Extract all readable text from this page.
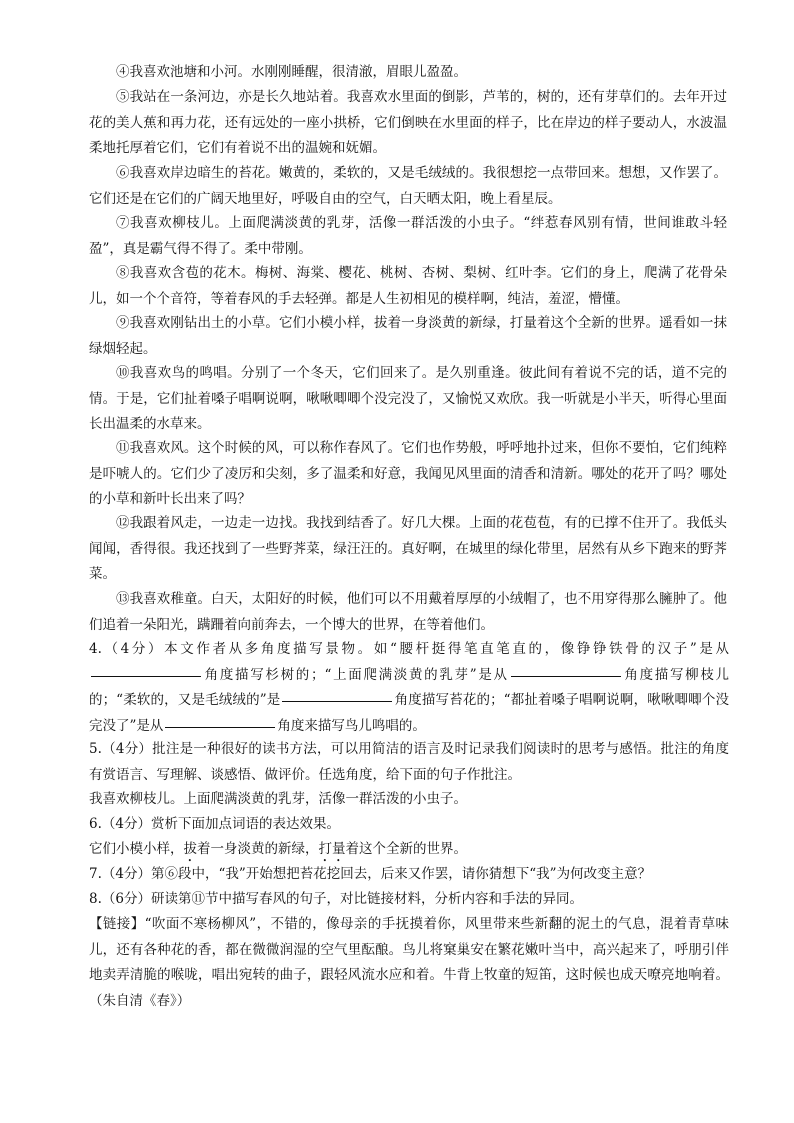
④我喜欢池塘和小河。水刚刚睡醒，很清澈，眉眼儿盈盈。

⑤我站在一条河边，亦是长久地站着。我喜欢水里面的倒影，芦苇的，树的，还有芽草们的。去年开过花的美人蕉和再力花，还有远处的一座小拱桥，它们倒映在水里面的样子，比在岸边的样子要动人，水波温柔地托厚着它们，它们有着说不出的温婉和妩媚。

⑥我喜欢岸边暗生的苔花。嫩黄的，柔软的，又是毛绒绒的。我很想挖一点带回来。想想，又作罢了。它们还是在它们的广阔天地里好，呼吸自由的空气，白天晒太阳，晚上看星辰。

⑦我喜欢柳枝儿。上面爬满淡黄的乳芽，活像一群活泼的小虫子。“绊惹春风别有情，世间谁敢斗轻盈”，真是霸气得不得了。柔中带刚。

⑧我喜欢含苞的花木。梅树、海棠、樱花、桃树、杏树、梨树、红叶李。它们的身上，爬满了花骨朵儿，如一个个音符，等着春风的手去轻弹。都是人生初相见的模样啊，纯洁，羞涩，懵懂。

⑨我喜欢刚钻出土的小草。它们小模小样，拔着一身淡黄的新绿，打量着这个全新的世界。遥看如一抹绿烟轻起。

⑩我喜欢鸟的鸣唱。分别了一个冬天，它们回来了。是久别重逢。彼此间有着说不完的话，道不完的情。于是，它们扯着嗓子唱啊说啊，啾啾唧唧个没完没了，又愉悦又欢欣。我一听就是小半天，听得心里面长出温柔的水草来。

⑪我喜欢风。这个时候的风，可以称作春风了。它们也作势般，呼呼地扑过来，但你不要怕，它们纯粹是吓唬人的。它们少了凌厉和尖刻，多了温柔和好意，我闻见风里面的清香和清新。哪处的花开了吗？哪处的小草和新叶长出来了吗？

⑫我跟着风走，一边走一边找。我找到结香了。好几大棵。上面的花苞苞，有的已撑不住开了。我低头闻闻，香得很。我还找到了一些野荠菜，绿汪汪的。真好啊，在城里的绿化带里，居然有从乡下跑来的野荠菜。

⑬我喜欢稚童。白天，太阳好的时候，他们可以不用戴着厚厚的小绒帽了，也不用穿得那么臃肿了。他们追着一朵阳光，蹒跚着向前奔去，一个博大的世界，在等着他们。

4.（4分）本文作者从多角度描写景物。如“腰杆挺得笔直笔直的，像铮铮铁骨的汉子”是从角度描写杉树的；“上面爬满淡黄的乳芽”是从	角度描写柳枝儿的；“柔软的，又是毛绒绒的”是	角度描写苔花的；“都扯着嗓子唱啊说啊，啾啾唧唧个没完没了”是从	角度来描写鸟儿鸣唱的。

5.（4分）批注是一种很好的读书方法，可以用简洁的语言及时记录我们阅读时的思考与感悟。批注的角度有赏语言、写理解、谈感悟、做评价。任选角度，给下面的句子作批注。

我喜欢柳枝儿。上面爬满淡黄的乳芽，活像一群活泼的小虫子。

6.（4分）赏析下面加点词语的表达效果。

它们小模小样，拔着一身淡黄的新绿，打量着这个全新的世界。

7.（4分）第⑥段中，“我”开始想把苔花挖回去，后来又作罢，请你猜想下“我”为何改变主意？

8.（6分）研读第⑪节中描写春风的句子，对比链接材料，分析内容和手法的异同。

【链接】“吹面不寒杨柳风”，不错的，像母亲的手抚摸着你，风里带来些新翻的泥土的气息，混着青草味儿，还有各种花的香，都在微微润湿的空气里酝酿。鸟儿将窠巢安在繁花嫩叶当中，高兴起来了，呼朋引伴地卖弄清脆的喉咙，唱出宛转的曲子，跟轻风流水应和着。牛背上牧童的短笛，这时候也成天嘹亮地响着。（朱自清《春》）
